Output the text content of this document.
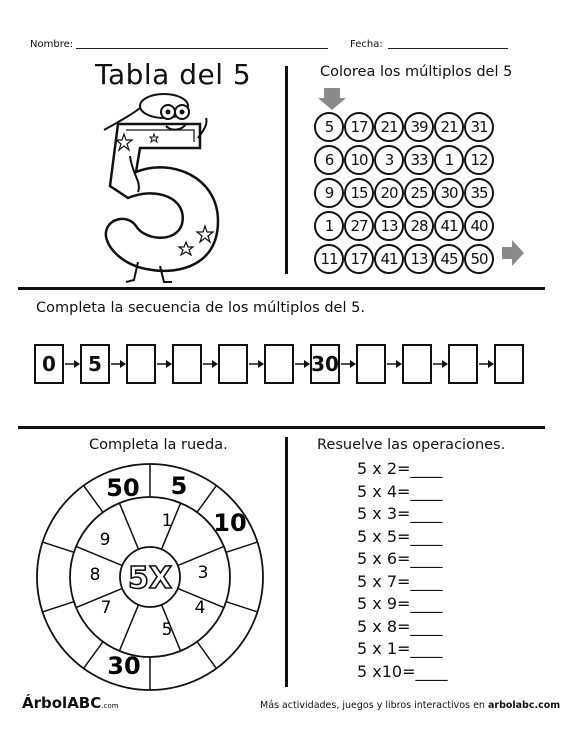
Nombre:	Fecha:
Tabla del 5	Colorea los múltiplos del 5
5	17 21 39 21 31
6	10	3	33	1	12
9	15 20 25 30 35
1	27 13 28 41 40
11 17 41 13 45 50
Completa la secuencia de los múltiplos del 5.
0	5	30
Completa la rueda.
5X
1
3
4
5
7
8
9
5
10
30
50
Resuelve las operaciones.
5 x 2=____
5 x 4=____
5 x 3=____
5 x 5=____
5 x 6=____
5 x 7=____
5 x 9=____
5 x 8=____
5 x 1=____
5 x10=____
ÁrbolABC.com	Más actividades, juegos y libros interactivos en arbolabc.com
